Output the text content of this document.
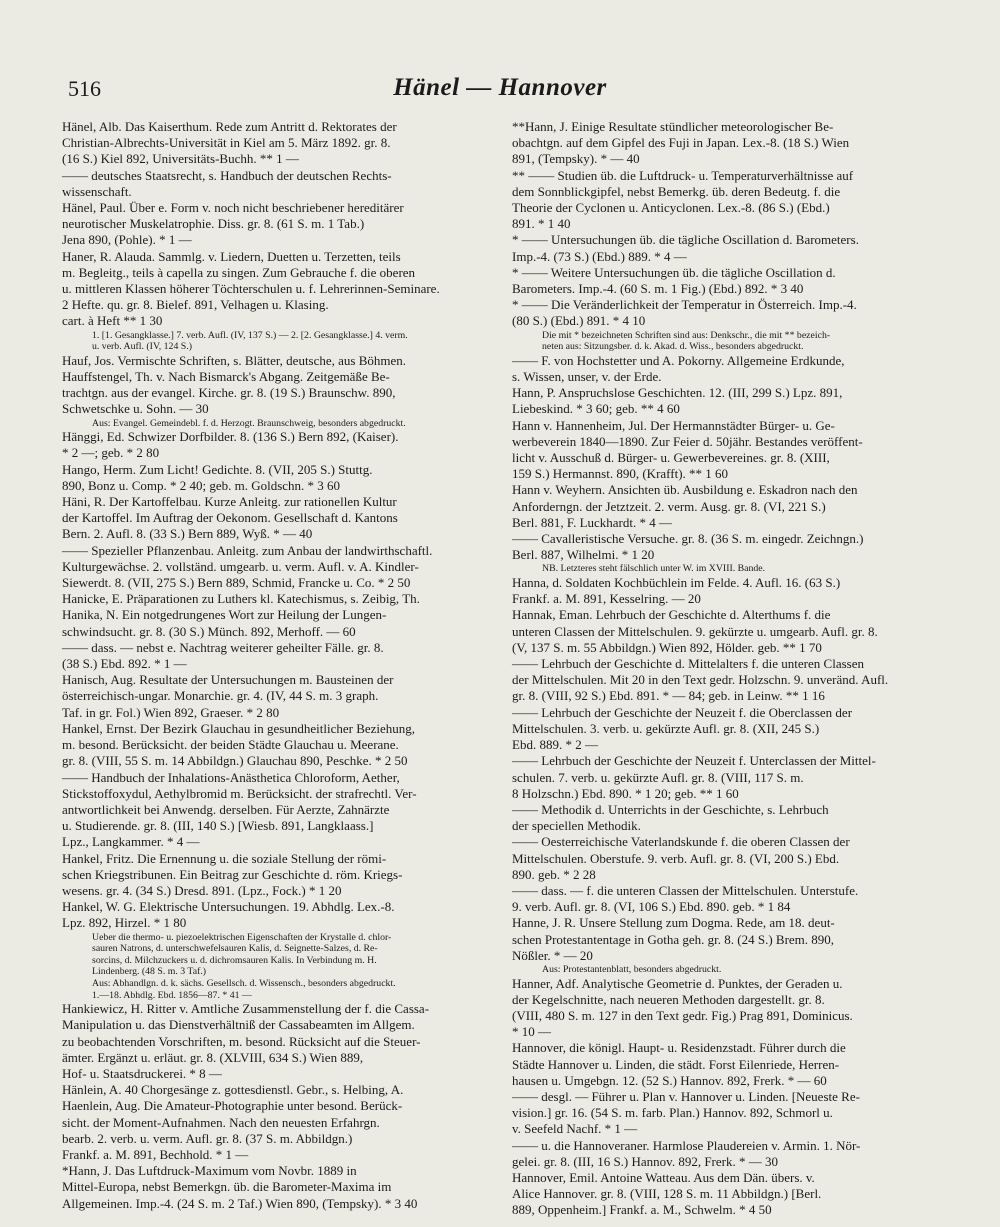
516	Hänel — Hannover

Hänel, Alb. Das Kaiserthum. Rede zum Antritt d. Rektorates der
Christian-Albrechts-Universität in Kiel am 5. März 1892. gr. 8.
(16 S.) Kiel 892, Universitäts-Buchh. ** 1 —

—— deutsches Staatsrecht, s. Handbuch der deutschen Rechts-
wissenschaft.

Hänel, Paul. Über e. Form v. noch nicht beschriebener hereditärer
neurotischer Muskelatrophie. Diss. gr. 8. (61 S. m. 1 Tab.)
Jena 890, (Pohle). * 1 —

Haner, R. Alauda. Sammlg. v. Liedern, Duetten u. Terzetten, teils
m. Begleitg., teils à capella zu singen. Zum Gebrauche f. die oberen
u. mittleren Klassen höherer Töchterschulen u. f. Lehrerinnen-Seminare.
2 Hefte. qu. gr. 8. Bielef. 891, Velhagen u. Klasing.
cart. à Heft ** 1 30

1. [1. Gesangklasse.] 7. verb. Aufl. (IV, 137 S.) — 2. [2. Gesangklasse.] 4. verm.
u. verb. Aufl. (IV, 124 S.)

Hauf, Jos. Vermischte Schriften, s. Blätter, deutsche, aus Böhmen.

Hauffstengel, Th. v. Nach Bismarck's Abgang. Zeitgemäße Be-
trachtgn. aus der evangel. Kirche. gr. 8. (19 S.) Braunschw. 890,
Schwetschke u. Sohn. — 30

Aus: Evangel. Gemeindebl. f. d. Herzogt. Braunschweig, besonders abgedruckt.

Hänggi, Ed. Schwizer Dorfbilder. 8. (136 S.) Bern 892, (Kaiser).
* 2 —; geb. * 2 80

Hango, Herm. Zum Licht! Gedichte. 8. (VII, 205 S.) Stuttg.
890, Bonz u. Comp. * 2 40; geb. m. Goldschn. * 3 60

Häni, R. Der Kartoffelbau. Kurze Anleitg. zur rationellen Kultur
der Kartoffel. Im Auftrag der Oekonom. Gesellschaft d. Kantons
Bern. 2. Aufl. 8. (33 S.) Bern 889, Wyß. * — 40

—— Spezieller Pflanzenbau. Anleitg. zum Anbau der landwirthschaftl.
Kulturgewächse. 2. vollständ. umgearb. u. verm. Aufl. v. A. Kindler-
Siewerdt. 8. (VII, 275 S.) Bern 889, Schmid, Francke u. Co. * 2 50

Hanicke, E. Präparationen zu Luthers kl. Katechismus, s. Zeibig, Th.

Hanika, N. Ein notgedrungenes Wort zur Heilung der Lungen-
schwindsucht. gr. 8. (30 S.) Münch. 892, Merhoff. — 60

—— dass. — nebst e. Nachtrag weiterer geheilter Fälle. gr. 8.
(38 S.) Ebd. 892. * 1 —

Hanisch, Aug. Resultate der Untersuchungen m. Bausteinen der
österreichisch-ungar. Monarchie. gr. 4. (IV, 44 S. m. 3 graph.
Taf. in gr. Fol.) Wien 892, Graeser. * 2 80

Hankel, Ernst. Der Bezirk Glauchau in gesundheitlicher Beziehung,
m. besond. Berücksicht. der beiden Städte Glauchau u. Meerane.
gr. 8. (VIII, 55 S. m. 14 Abbildgn.) Glauchau 890, Peschke. * 2 50

—— Handbuch der Inhalations-Anästhetica Chloroform, Aether,
Stickstoffoxydul, Aethylbromid m. Berücksicht. der strafrechtl. Ver-
antwortlichkeit bei Anwendg. derselben. Für Aerzte, Zahnärzte
u. Studierende. gr. 8. (III, 140 S.) [Wiesb. 891, Langklaass.]
Lpz., Langkammer. * 4 —

Hankel, Fritz. Die Ernennung u. die soziale Stellung der römi-
schen Kriegstribunen. Ein Beitrag zur Geschichte d. röm. Kriegs-
wesens. gr. 4. (34 S.) Dresd. 891. (Lpz., Fock.) * 1 20

Hankel, W. G. Elektrische Untersuchungen. 19. Abhdlg. Lex.-8.
Lpz. 892, Hirzel. * 1 80

Ueber die thermo- u. piezoelektrischen Eigenschaften der Krystalle d. chlor-
sauren Natrons, d. unterschwefelsauren Kalis, d. Seignette-Salzes, d. Re-
sorcins, d. Milchzuckers u. d. dichromsauren Kalis. In Verbindung m. H.
Lindenberg. (48 S. m. 3 Taf.)
Aus: Abhandlgn. d. k. sächs. Gesellsch. d. Wissensch., besonders abgedruckt.
1.—18. Abhdlg. Ebd. 1856—87. * 41 —

Hankiewicz, H. Ritter v. Amtliche Zusammenstellung der f. die Cassa-
Manipulation u. das Dienstverhältniß der Cassabeamten im Allgem.
zu beobachtenden Vorschriften, m. besond. Rücksicht auf die Steuer-
ämter. Ergänzt u. erläut. gr. 8. (XLVIII, 634 S.) Wien 889,
Hof- u. Staatsdruckerei. * 8 —

Hänlein, A. 40 Chorgesänge z. gottesdienstl. Gebr., s. Helbing, A.

Haenlein, Aug. Die Amateur-Photographie unter besond. Berück-
sicht. der Moment-Aufnahmen. Nach den neuesten Erfahrgn.
bearb. 2. verb. u. verm. Aufl. gr. 8. (37 S. m. Abbildgn.)
Frankf. a. M. 891, Bechhold. * 1 —

*Hann, J. Das Luftdruck-Maximum vom Novbr. 1889 in
Mittel-Europa, nebst Bemerkgn. üb. die Barometer-Maxima im
Allgemeinen. Imp.-4. (24 S. m. 2 Taf.) Wien 890, (Tempsky). * 3 40

**Hann, J. Einige Resultate stündlicher meteorologischer Be-
obachtgn. auf dem Gipfel des Fuji in Japan. Lex.-8. (18 S.) Wien
891, (Tempsky). * — 40

** —— Studien üb. die Luftdruck- u. Temperaturverhältnisse auf
dem Sonnblickgipfel, nebst Bemerkg. üb. deren Bedeutg. f. die
Theorie der Cyclonen u. Anticyclonen. Lex.-8. (86 S.) (Ebd.)
891. * 1 40

* —— Untersuchungen üb. die tägliche Oscillation d. Barometers.
Imp.-4. (73 S.) (Ebd.) 889. * 4 —

* —— Weitere Untersuchungen üb. die tägliche Oscillation d.
Barometers. Imp.-4. (60 S. m. 1 Fig.) (Ebd.) 892. * 3 40

* —— Die Veränderlichkeit der Temperatur in Österreich. Imp.-4.
(80 S.) (Ebd.) 891. * 4 10

Die mit * bezeichneten Schriften sind aus: Denkschr., die mit ** bezeich-
neten aus: Sitzungsber. d. k. Akad. d. Wiss., besonders abgedruckt.

—— F. von Hochstetter und A. Pokorny. Allgemeine Erdkunde,
s. Wissen, unser, v. der Erde.

Hann, P. Anspruchslose Geschichten. 12. (III, 299 S.) Lpz. 891,
Liebeskind. * 3 60; geb. ** 4 60

Hann v. Hannenheim, Jul. Der Hermannstädter Bürger- u. Ge-
werbeverein 1840—1890. Zur Feier d. 50jähr. Bestandes veröffent-
licht v. Ausschuß d. Bürger- u. Gewerbevereines. gr. 8. (XIII,
159 S.) Hermannst. 890, (Krafft). ** 1 60

Hann v. Weyhern. Ansichten üb. Ausbildung e. Eskadron nach den
Anforderngn. der Jetztzeit. 2. verm. Ausg. gr. 8. (VI, 221 S.)
Berl. 881, F. Luckhardt. * 4 —

—— Cavalleristische Versuche. gr. 8. (36 S. m. eingedr. Zeichngn.)
Berl. 887, Wilhelmi. * 1 20

NB. Letzteres steht fälschlich unter W. im XVIII. Bande.

Hanna, d. Soldaten Kochbüchlein im Felde. 4. Aufl. 16. (63 S.)
Frankf. a. M. 891, Kesselring. — 20

Hannak, Eman. Lehrbuch der Geschichte d. Alterthums f. die
unteren Classen der Mittelschulen. 9. gekürzte u. umgearb. Aufl. gr. 8.
(V, 137 S. m. 55 Abbildgn.) Wien 892, Hölder. geb. ** 1 70

—— Lehrbuch der Geschichte d. Mittelalters f. die unteren Classen
der Mittelschulen. Mit 20 in den Text gedr. Holzschn. 9. unveränd. Aufl.
gr. 8. (VIII, 92 S.) Ebd. 891. * — 84; geb. in Leinw. ** 1 16

—— Lehrbuch der Geschichte der Neuzeit f. die Oberclassen der
Mittelschulen. 3. verb. u. gekürzte Aufl. gr. 8. (XII, 245 S.)
Ebd. 889. * 2 —

—— Lehrbuch der Geschichte der Neuzeit f. Unterclassen der Mittel-
schulen. 7. verb. u. gekürzte Aufl. gr. 8. (VIII, 117 S. m.
8 Holzschn.) Ebd. 890. * 1 20; geb. ** 1 60

—— Methodik d. Unterrichts in der Geschichte, s. Lehrbuch
der speciellen Methodik.

—— Oesterreichische Vaterlandskunde f. die oberen Classen der
Mittelschulen. Oberstufe. 9. verb. Aufl. gr. 8. (VI, 200 S.) Ebd.
890. geb. * 2 28

—— dass. — f. die unteren Classen der Mittelschulen. Unterstufe.
9. verb. Aufl. gr. 8. (VI, 106 S.) Ebd. 890. geb. * 1 84

Hanne, J. R. Unsere Stellung zum Dogma. Rede, am 18. deut-
schen Protestantentage in Gotha geh. gr. 8. (24 S.) Brem. 890,
Nößler. * — 20

Aus: Protestantenblatt, besonders abgedruckt.

Hanner, Adf. Analytische Geometrie d. Punktes, der Geraden u.
der Kegelschnitte, nach neueren Methoden dargestellt. gr. 8.
(VIII, 480 S. m. 127 in den Text gedr. Fig.) Prag 891, Dominicus.
* 10 —

Hannover, die königl. Haupt- u. Residenzstadt. Führer durch die
Städte Hannover u. Linden, die städt. Forst Eilenriede, Herren-
hausen u. Umgebgn. 12. (52 S.) Hannov. 892, Frerk. * — 60

—— desgl. — Führer u. Plan v. Hannover u. Linden. [Neueste Re-
vision.] gr. 16. (54 S. m. farb. Plan.) Hannov. 892, Schmorl u.
v. Seefeld Nachf. * 1 —

—— u. die Hannoveraner. Harmlose Plaudereien v. Armin. 1. Nör-
gelei. gr. 8. (III, 16 S.) Hannov. 892, Frerk. * — 30

Hannover, Emil. Antoine Watteau. Aus dem Dän. übers. v.
Alice Hannover. gr. 8. (VIII, 128 S. m. 11 Abbildgn.) [Berl.
889, Oppenheim.] Frankf. a. M., Schwelm. * 4 50
